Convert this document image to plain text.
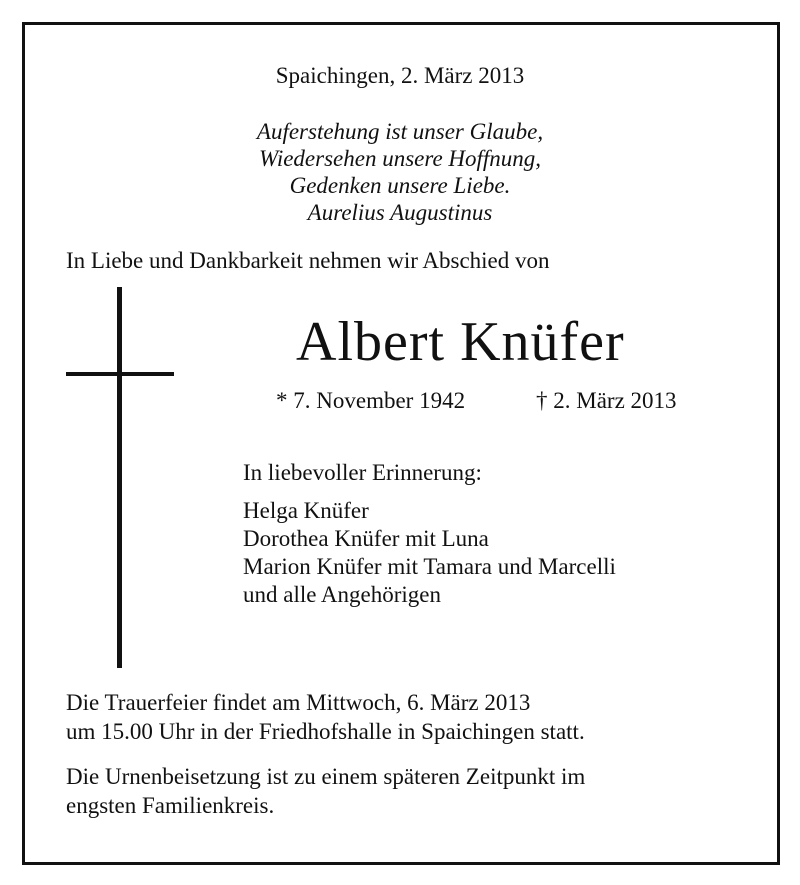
Spaichingen, 2. März 2013
Auferstehung ist unser Glaube,
Wiedersehen unsere Hoffnung,
Gedenken unsere Liebe.
Aurelius Augustinus
In Liebe und Dankbarkeit nehmen wir Abschied von
Albert Knüfer
* 7. November 1942	† 2. März 2013
In liebevoller Erinnerung:
Helga Knüfer
Dorothea Knüfer mit Luna
Marion Knüfer mit Tamara und Marcelli
und alle Angehörigen
Die Trauerfeier findet am Mittwoch, 6. März 2013
um 15.00 Uhr in der Friedhofshalle in Spaichingen statt.
Die Urnenbeisetzung ist zu einem späteren Zeitpunkt im
engsten Familienkreis.
